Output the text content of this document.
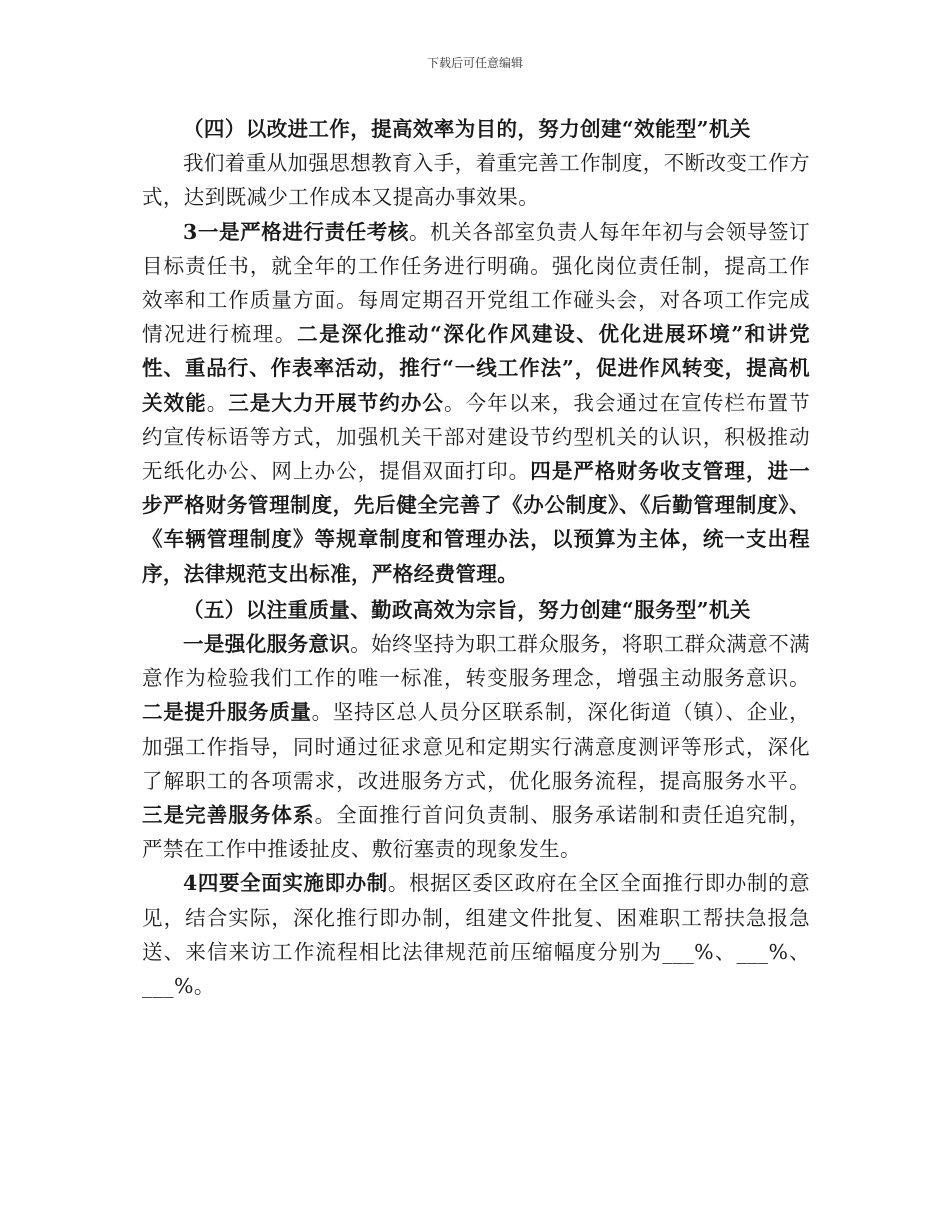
下载后可任意编辑

（四）以改进工作，提高效率为目的，努力创建“效能型”机关

我们着重从加强思想教育入手，着重完善工作制度，不断改变工作方式，达到既减少工作成本又提高办事效果。

3一是严格进行责任考核。机关各部室负责人每年年初与会领导签订目标责任书，就全年的工作任务进行明确。强化岗位责任制，提高工作效率和工作质量方面。每周定期召开党组工作碰头会，对各项工作完成情况进行梳理。二是深化推动“深化作风建设、优化进展环境”和讲党性、重品行、作表率活动，推行“一线工作法”，促进作风转变，提高机关效能。三是大力开展节约办公。今年以来，我会通过在宣传栏布置节约宣传标语等方式，加强机关干部对建设节约型机关的认识，积极推动无纸化办公、网上办公，提倡双面打印。四是严格财务收支管理，进一步严格财务管理制度，先后健全完善了《办公制度》、《后勤管理制度》、《车辆管理制度》等规章制度和管理办法，以预算为主体，统一支出程序，法律规范支出标准，严格经费管理。

（五）以注重质量、勤政高效为宗旨，努力创建“服务型”机关

一是强化服务意识。始终坚持为职工群众服务，将职工群众满意不满意作为检验我们工作的唯一标准，转变服务理念，增强主动服务意识。二是提升服务质量。坚持区总人员分区联系制，深化街道（镇）、企业，加强工作指导，同时通过征求意见和定期实行满意度测评等形式，深化了解职工的各项需求，改进服务方式，优化服务流程，提高服务水平。三是完善服务体系。全面推行首问负责制、服务承诺制和责任追究制，严禁在工作中推诿扯皮、敷衍塞责的现象发生。

4四要全面实施即办制。根据区委区政府在全区全面推行即办制的意见，结合实际，深化推行即办制，组建文件批复、困难职工帮扶急报急送、来信来访工作流程相比法律规范前压缩幅度分别为___%、___%、___%。
